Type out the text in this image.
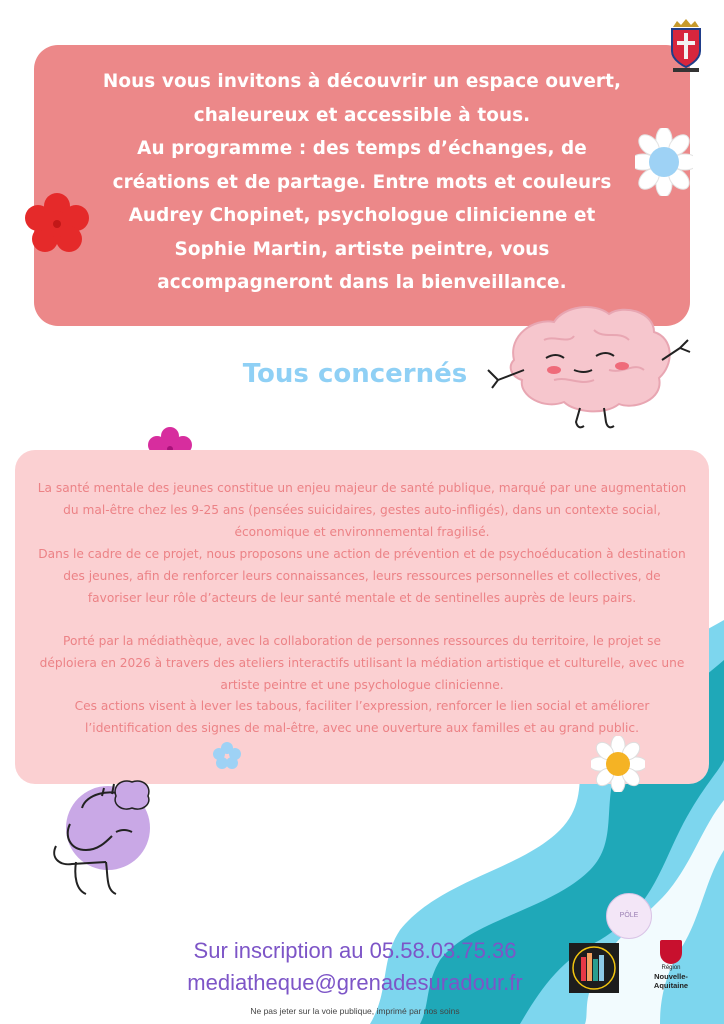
Nous vous invitons à découvrir un espace ouvert,
chaleureux et accessible à tous.
Au programme : des temps d’échanges, de
créations et de partage. Entre mots et couleurs
Audrey Chopinet, psychologue clinicienne et
Sophie Martin, artiste peintre, vous
accompagneront dans la bienveillance.

Tous concernés

La santé mentale des jeunes constitue un enjeu majeur de santé publique, marqué par une augmentation du mal-être chez les 9-25 ans (pensées suicidaires, gestes auto-infligés), dans un contexte social, économique et environnemental fragilisé.

Dans le cadre de ce projet, nous proposons une action de prévention et de psychoéducation à destination des jeunes, afin de renforcer leurs connaissances, leurs ressources personnelles et collectives, de favoriser leur rôle d’acteurs de leur santé mentale et de sentinelles auprès de leurs pairs.

Porté par la médiathèque, avec la collaboration de personnes ressources du territoire, le projet se déploiera en 2026 à travers des ateliers interactifs utilisant la médiation artistique et culturelle, avec une artiste peintre et une psychologue clinicienne.

Ces actions visent à lever les tabous, faciliter l’expression, renforcer le lien social et améliorer l’identification des signes de mal-être, avec une ouverture aux familles et au grand public.

Sur inscription au 05.58.03.75.36
mediatheque@grenadesuradour.fr
Ne pas jeter sur la voie publique, imprimé par nos soins
PÔLE
Région
Nouvelle-Aquitaine
